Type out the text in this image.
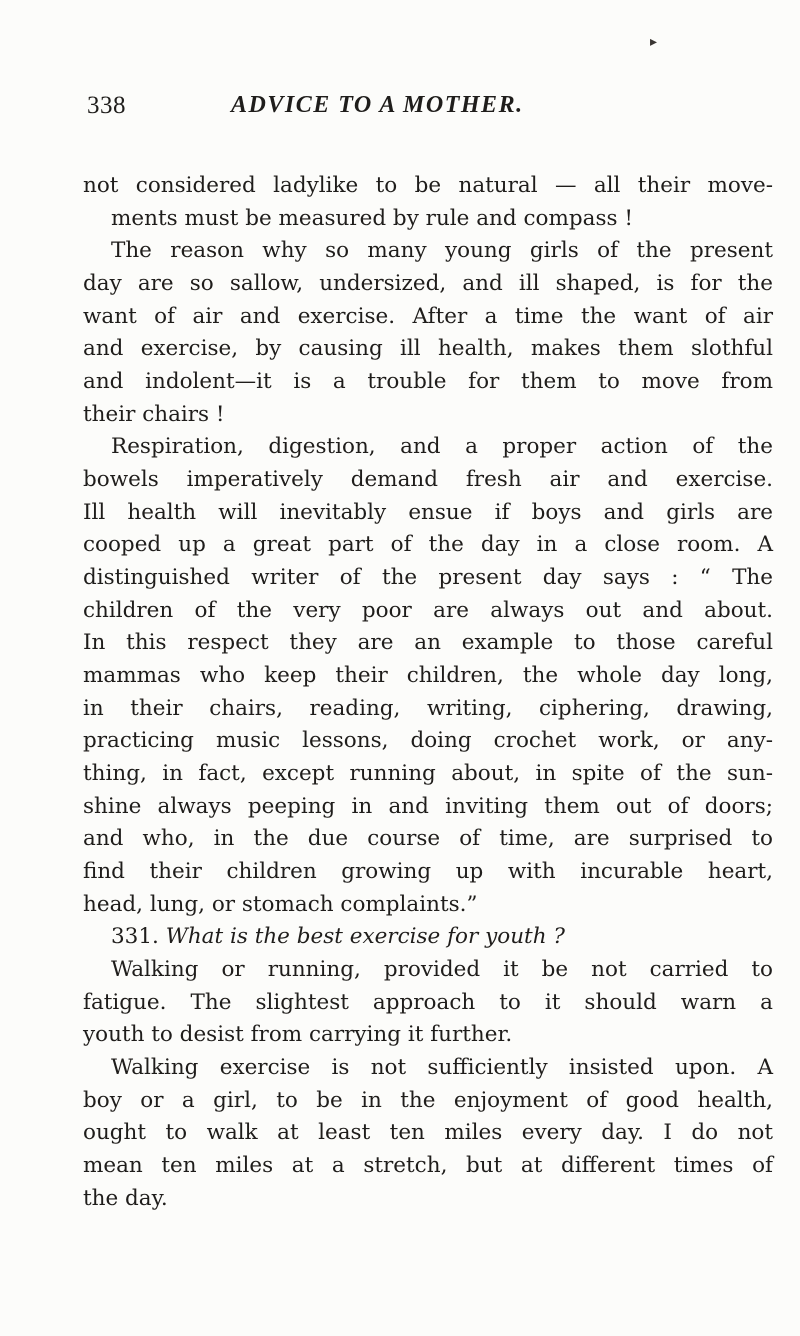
▸
338	ADVICE TO A MOTHER.
not considered ladylike to be natural — all their move-
ments must be measured by rule and compass !
The reason why so many young girls of the present
day are so sallow, undersized, and ill shaped, is for the
want of air and exercise. After a time the want of air
and exercise, by causing ill health, makes them slothful
and indolent—it is a trouble for them to move from
their chairs !
Respiration, digestion, and a proper action of the
bowels imperatively demand fresh air and exercise.
Ill health will inevitably ensue if boys and girls are
cooped up a great part of the day in a close room. A
distinguished writer of the present day says : “ The
children of the very poor are always out and about.
In this respect they are an example to those careful
mammas who keep their children, the whole day long,
in their chairs, reading, writing, ciphering, drawing,
practicing music lessons, doing crochet work, or any-
thing, in fact, except running about, in spite of the sun-
shine always peeping in and inviting them out of doors;
and who, in the due course of time, are surprised to
find their children growing up with incurable heart,
head, lung, or stomach complaints.”
331. What is the best exercise for youth ?
Walking or running, provided it be not carried to
fatigue. The slightest approach to it should warn a
youth to desist from carrying it further.
Walking exercise is not sufficiently insisted upon. A
boy or a girl, to be in the enjoyment of good health,
ought to walk at least ten miles every day. I do not
mean ten miles at a stretch, but at different times of
the day.
